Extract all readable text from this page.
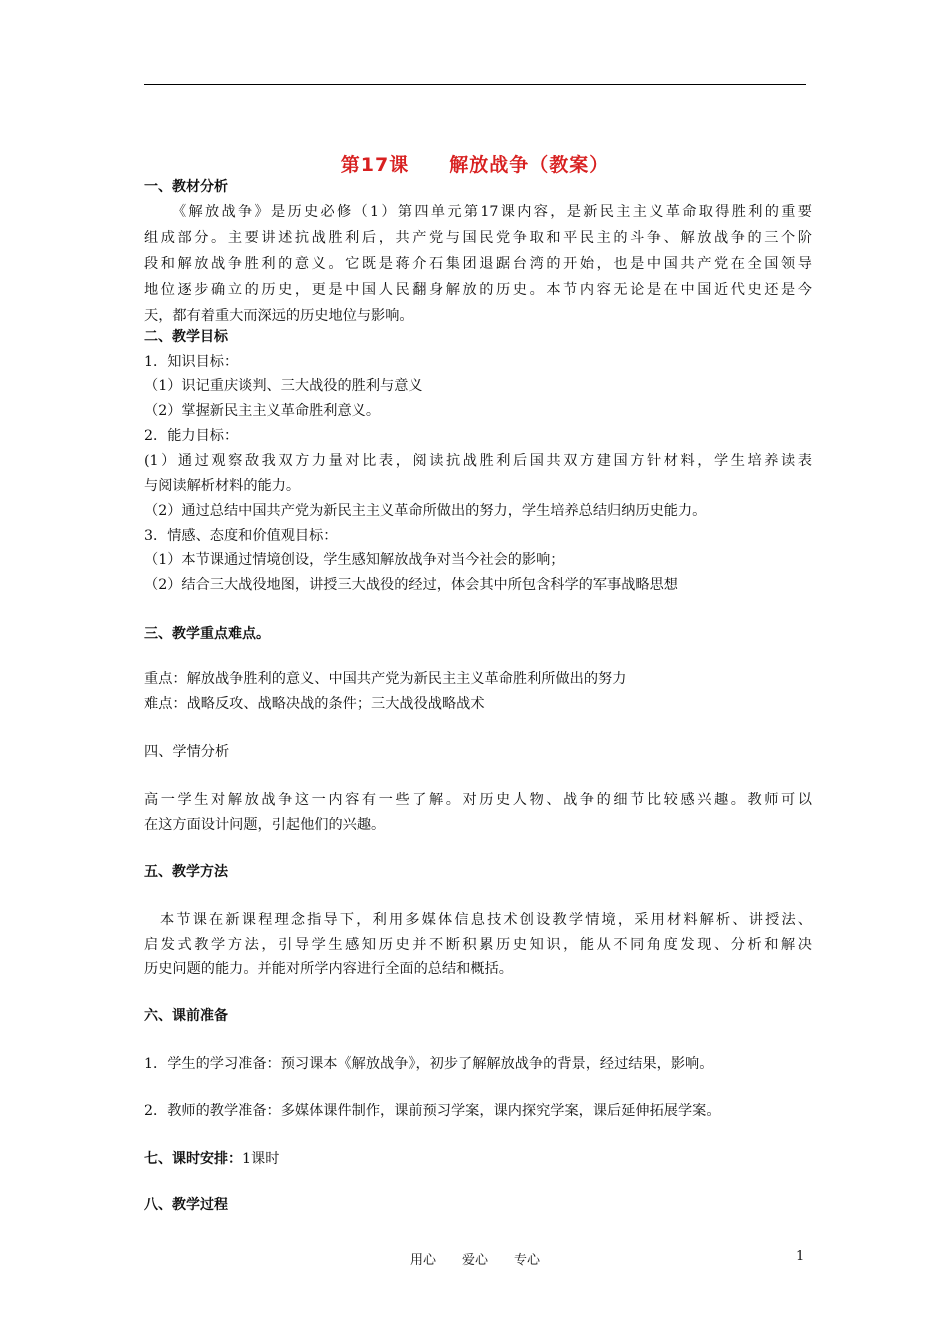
第17课　　解放战争（教案）
一、教材分析
《解放战争》是历史必修（1）第四单元第17课内容，是新民主主义革命取得胜利的重要
组成部分。主要讲述抗战胜利后，共产党与国民党争取和平民主的斗争、解放战争的三个阶
段和解放战争胜利的意义。它既是蒋介石集团退踞台湾的开始，也是中国共产党在全国领导
地位逐步确立的历史，更是中国人民翻身解放的历史。本节内容无论是在中国近代史还是今
天，都有着重大而深远的历史地位与影响。
二、教学目标
1．知识目标：
（1）识记重庆谈判、三大战役的胜利与意义
（2）掌握新民主主义革命胜利意义。
2．能力目标：
(1）通过观察敌我双方力量对比表，阅读抗战胜利后国共双方建国方针材料，学生培养读表
与阅读解析材料的能力。
（2）通过总结中国共产党为新民主主义革命所做出的努力，学生培养总结归纳历史能力。
3．情感、态度和价值观目标：
（1）本节课通过情境创设，学生感知解放战争对当今社会的影响；
（2）结合三大战役地图，讲授三大战役的经过，体会其中所包含科学的军事战略思想
三、教学重点难点。
重点：解放战争胜利的意义、中国共产党为新民主主义革命胜利所做出的努力
难点：战略反攻、战略决战的条件；三大战役战略战术
四、学情分析
高一学生对解放战争这一内容有一些了解。对历史人物、战争的细节比较感兴趣。教师可以
在这方面设计问题，引起他们的兴趣。
五、教学方法
本节课在新课程理念指导下，利用多媒体信息技术创设教学情境，采用材料解析、讲授法、
启发式教学方法，引导学生感知历史并不断积累历史知识，能从不同角度发现、分析和解决
历史问题的能力。并能对所学内容进行全面的总结和概括。
六、课前准备
1．学生的学习准备：预习课本《解放战争》，初步了解解放战争的背景，经过结果，影响。
2．教师的教学准备：多媒体课件制作，课前预习学案，课内探究学案，课后延伸拓展学案。
七、课时安排：1课时
八、教学过程
用心　　爱心　　专心	1
